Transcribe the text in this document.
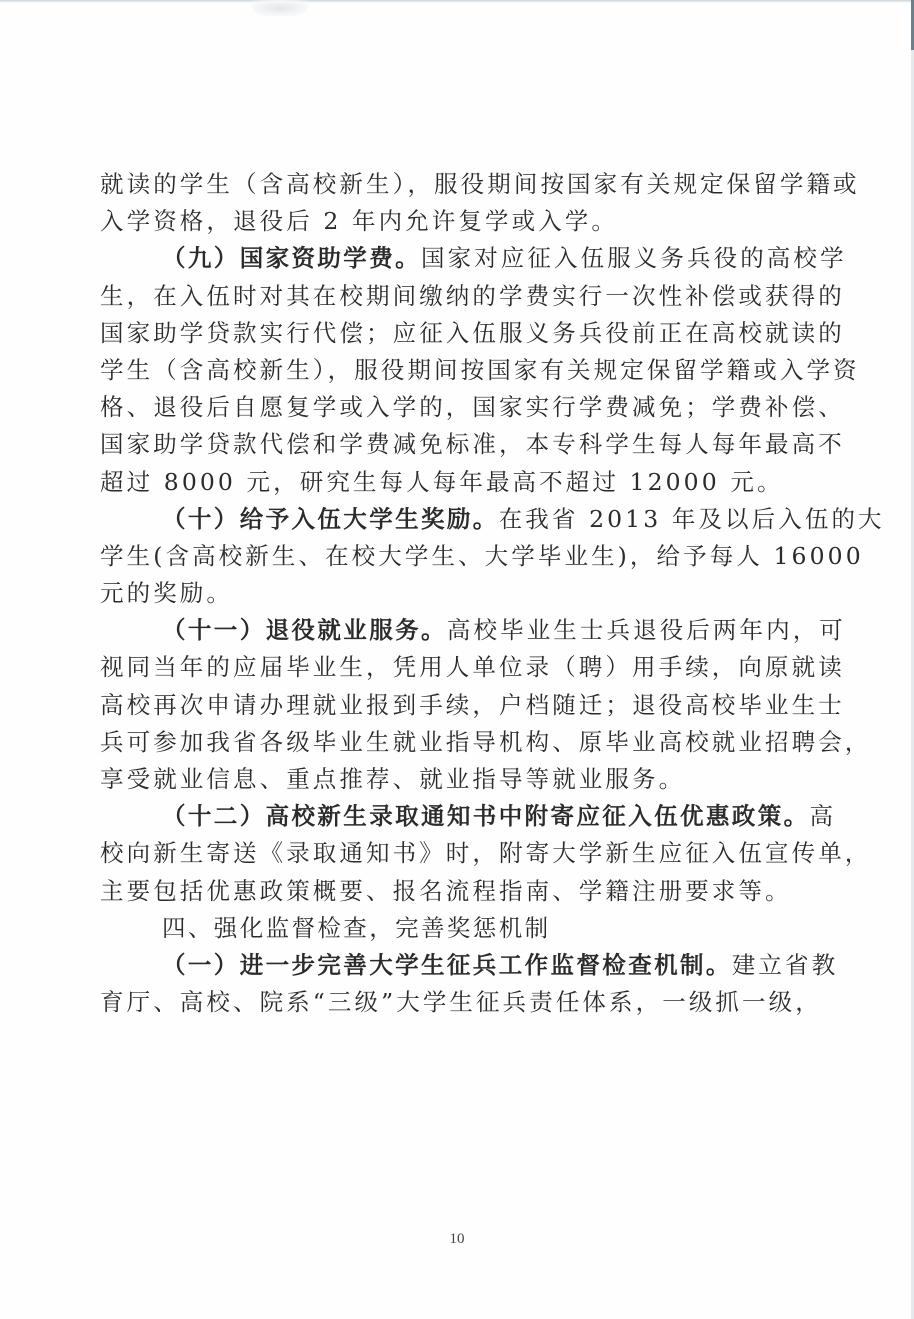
就读的学生（含高校新生），服役期间按国家有关规定保留学籍或
入学资格，退役后 2 年内允许复学或入学。
（九）国家资助学费。国家对应征入伍服义务兵役的高校学
生，在入伍时对其在校期间缴纳的学费实行一次性补偿或获得的
国家助学贷款实行代偿；应征入伍服义务兵役前正在高校就读的
学生（含高校新生），服役期间按国家有关规定保留学籍或入学资
格、退役后自愿复学或入学的，国家实行学费减免；学费补偿、
国家助学贷款代偿和学费减免标准，本专科学生每人每年最高不
超过 8000 元，研究生每人每年最高不超过 12000 元。
（十）给予入伍大学生奖励。在我省 2013 年及以后入伍的大
学生(含高校新生、在校大学生、大学毕业生)，给予每人 16000
元的奖励。
（十一）退役就业服务。高校毕业生士兵退役后两年内，可
视同当年的应届毕业生，凭用人单位录（聘）用手续，向原就读
高校再次申请办理就业报到手续，户档随迁；退役高校毕业生士
兵可参加我省各级毕业生就业指导机构、原毕业高校就业招聘会，
享受就业信息、重点推荐、就业指导等就业服务。
（十二）高校新生录取通知书中附寄应征入伍优惠政策。高
校向新生寄送《录取通知书》时，附寄大学新生应征入伍宣传单，
主要包括优惠政策概要、报名流程指南、学籍注册要求等。
四、强化监督检查，完善奖惩机制
（一）进一步完善大学生征兵工作监督检查机制。建立省教
育厅、高校、院系“三级”大学生征兵责任体系，一级抓一级，
10
